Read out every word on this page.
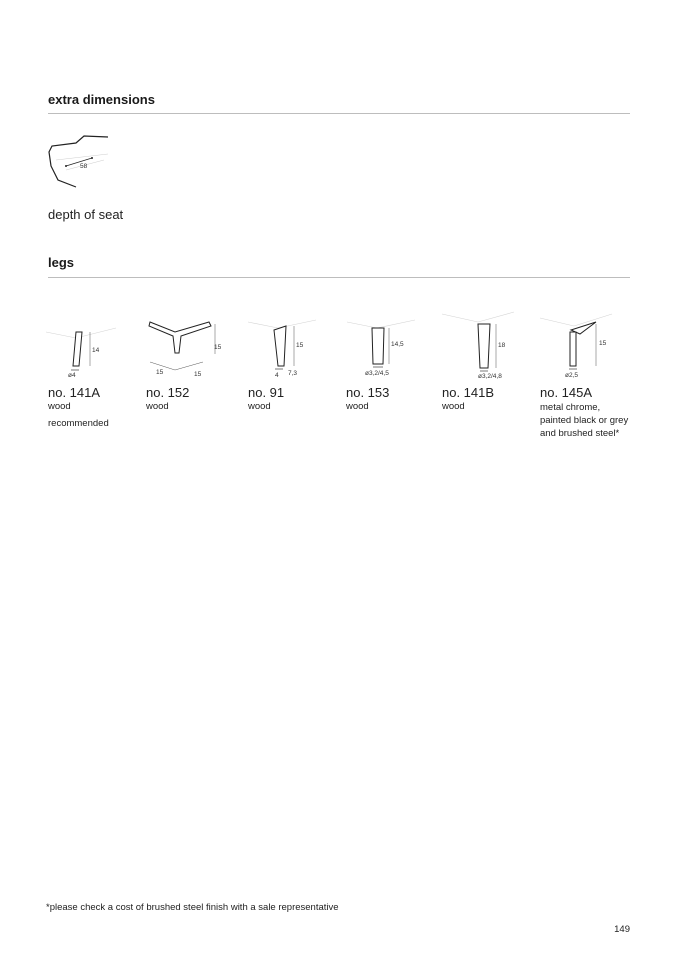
extra dimensions
58
depth of seat
legs
14
ø4
15
15	15
15
4 7,3
14,5
ø3,2/4,5
18
ø3,2/4,8
15
ø2,5
no. 141A
wood
recommended
no. 152
wood
no. 91
wood
no. 153
wood
no. 141B
wood
no. 145A
metal chrome,
painted black or grey
and brushed steel*
*please check a cost of brushed steel finish with a sale representative
149
